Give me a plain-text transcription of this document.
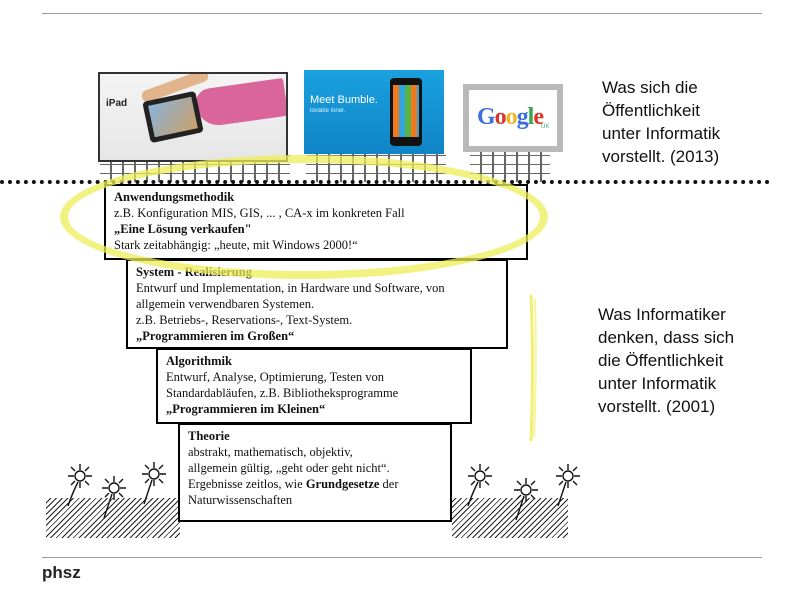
iPad	Meet Bumble.
lovable loner.	Google
UK
Was sich die
Öffentlichkeit
unter Informatik
vorstellt. (2013)
Was Informatiker
denken, dass sich
die Öffentlichkeit
unter Informatik
vorstellt. (2001)
Theorie
abstrakt, mathematisch, objektiv,
allgemein gültig, „geht oder geht nicht“.
Ergebnisse zeitlos, wie Grundgesetze der
Naturwissenschaften
Algorithmik
Entwurf, Analyse, Optimierung, Testen von
Standardabläufen, z.B. Bibliotheksprogramme
„Programmieren im Kleinen“
System - Realisierung
Entwurf und Implementation, in Hardware und Software, von
allgemein verwendbaren Systemen.
z.B. Betriebs-, Reservations-, Text-System.
„Programmieren im Großen“
Anwendungsmethodik
z.B. Konfiguration MIS, GIS, ... , CA-x im konkreten Fall
„Eine Lösung verkaufen"
Stark zeitabhängig: „heute, mit Windows 2000!“
phsz
